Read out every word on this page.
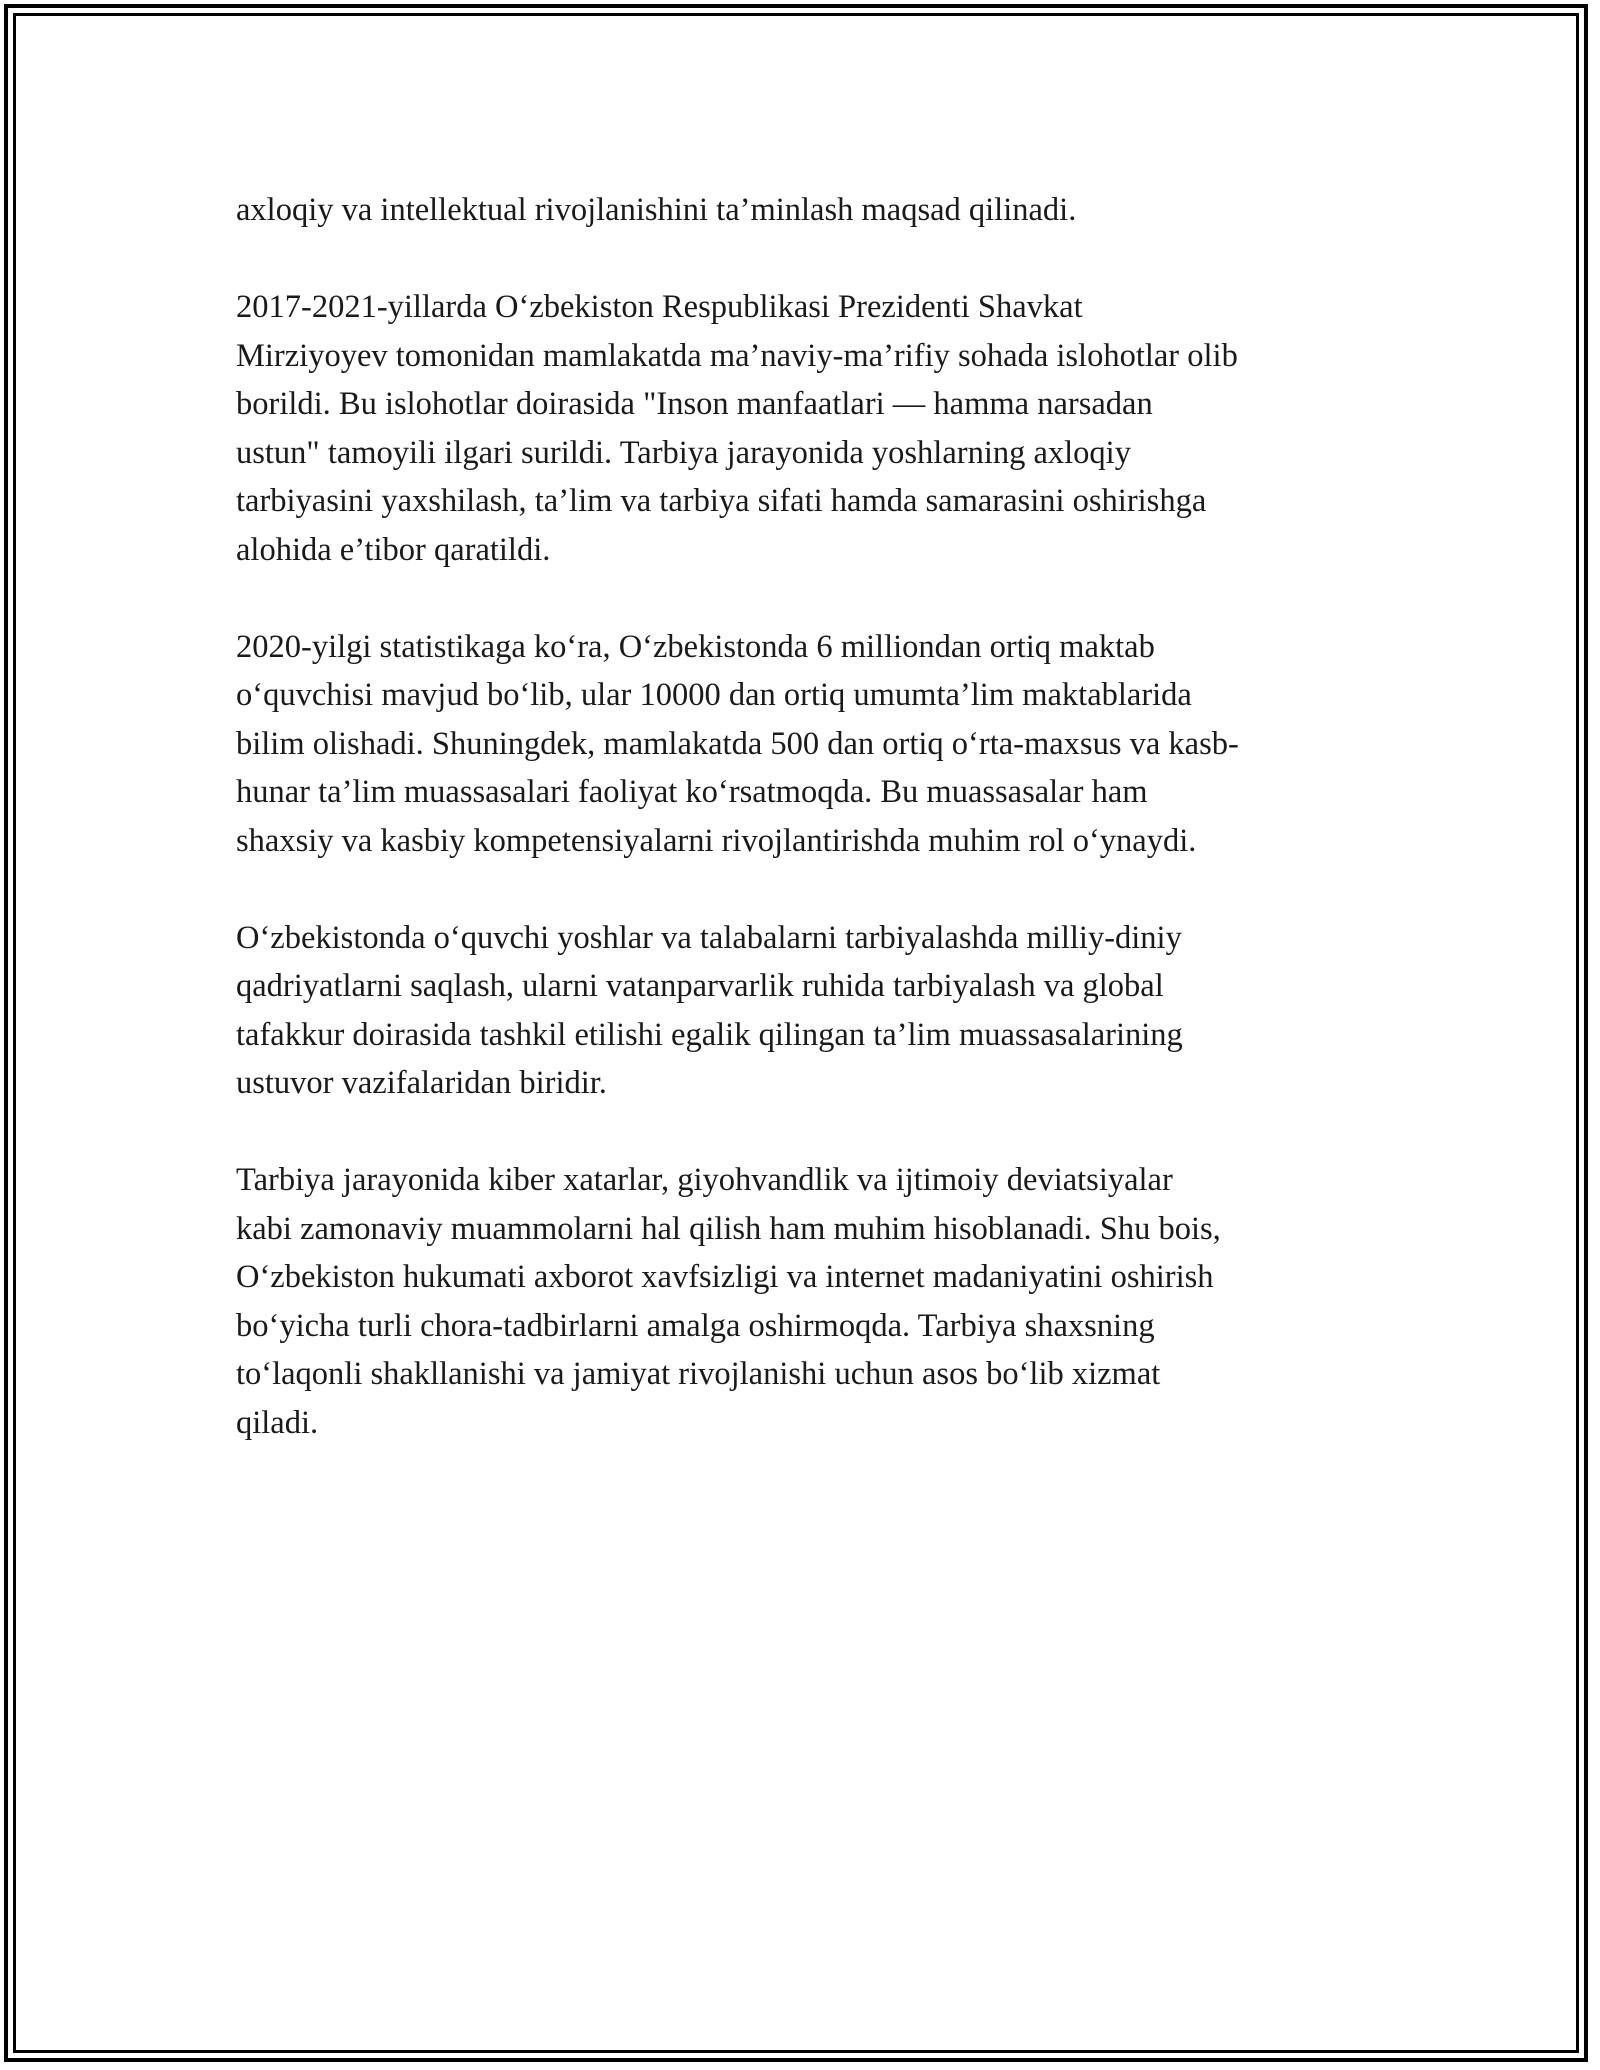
axloqiy va intellektual rivojlanishini ta’minlash maqsad qilinadi.

2017-2021-yillarda O‘zbekiston Respublikasi Prezidenti Shavkat
Mirziyoyev tomonidan mamlakatda ma’naviy-ma’rifiy sohada islohotlar olib
borildi. Bu islohotlar doirasida "Inson manfaatlari — hamma narsadan
ustun" tamoyili ilgari surildi. Tarbiya jarayonida yoshlarning axloqiy
tarbiyasini yaxshilash, ta’lim va tarbiya sifati hamda samarasini oshirishga
alohida e’tibor qaratildi.

2020-yilgi statistikaga ko‘ra, O‘zbekistonda 6 milliondan ortiq maktab
o‘quvchisi mavjud bo‘lib, ular 10000 dan ortiq umumta’lim maktablarida
bilim olishadi. Shuningdek, mamlakatda 500 dan ortiq o‘rta-maxsus va kasb-
hunar ta’lim muassasalari faoliyat ko‘rsatmoqda. Bu muassasalar ham
shaxsiy va kasbiy kompetensiyalarni rivojlantirishda muhim rol o‘ynaydi.

O‘zbekistonda o‘quvchi yoshlar va talabalarni tarbiyalashda milliy-diniy
qadriyatlarni saqlash, ularni vatanparvarlik ruhida tarbiyalash va global
tafakkur doirasida tashkil etilishi egalik qilingan ta’lim muassasalarining
ustuvor vazifalaridan biridir.

Tarbiya jarayonida kiber xatarlar, giyohvandlik va ijtimoiy deviatsiyalar
kabi zamonaviy muammolarni hal qilish ham muhim hisoblanadi. Shu bois,
O‘zbekiston hukumati axborot xavfsizligi va internet madaniyatini oshirish
bo‘yicha turli chora-tadbirlarni amalga oshirmoqda. Tarbiya shaxsning
to‘laqonli shakllanishi va jamiyat rivojlanishi uchun asos bo‘lib xizmat
qiladi.
